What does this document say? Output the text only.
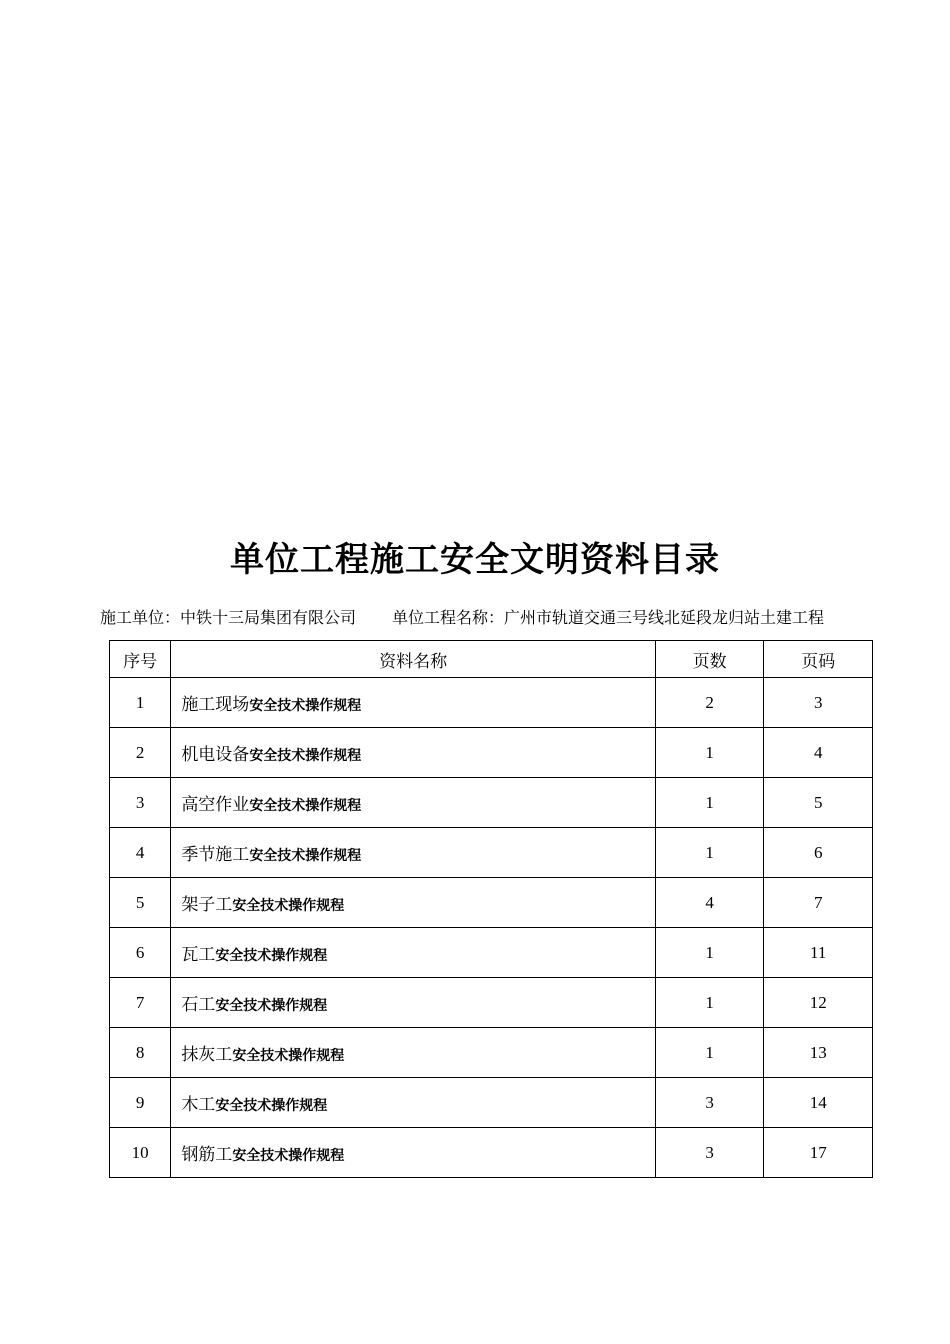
单位工程施工安全文明资料目录
施工单位：中铁十三局集团有限公司 单位工程名称：广州市轨道交通三号线北延段龙归站土建工程
序号	资料名称	页数	页码
1	施工现场安全技术操作规程	2	3
2	机电设备安全技术操作规程	1	4
3	高空作业安全技术操作规程	1	5
4	季节施工安全技术操作规程	1	6
5	架子工安全技术操作规程	4	7
6	瓦工安全技术操作规程	1	11
7	石工安全技术操作规程	1	12
8	抹灰工安全技术操作规程	1	13
9	木工安全技术操作规程	3	14
10	钢筋工安全技术操作规程	3	17
